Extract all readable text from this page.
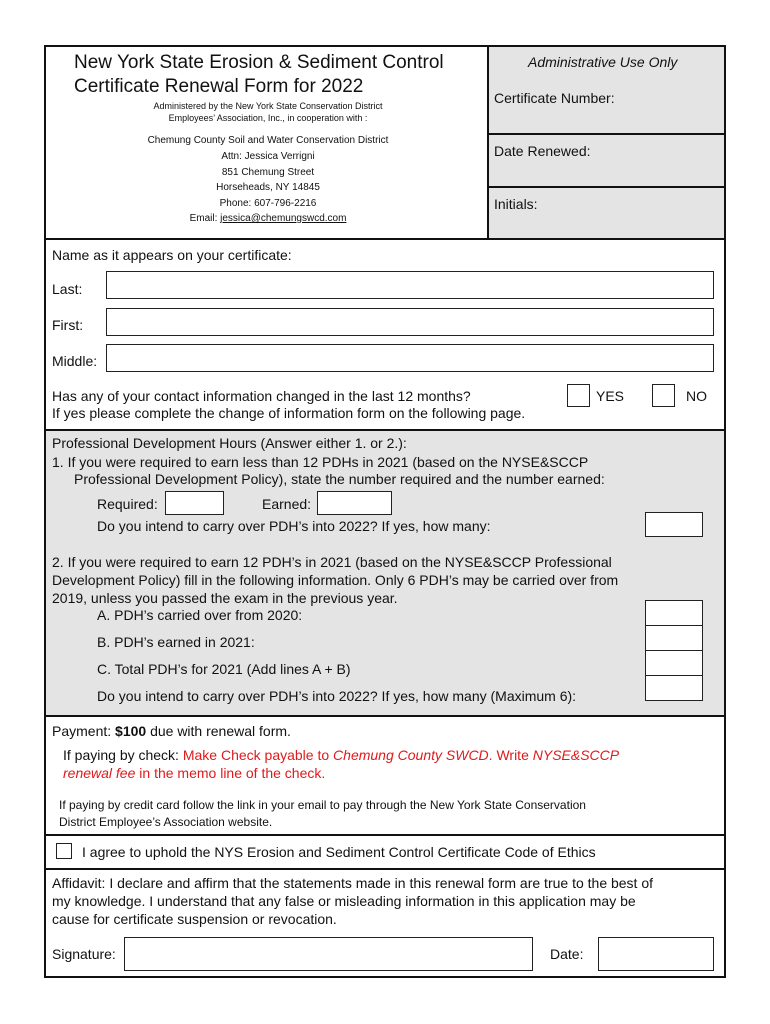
New York State Erosion & Sediment Control
Certificate Renewal Form for 2022
Administered by the New York State Conservation District
Employees’ Association, Inc., in cooperation with :
Chemung County Soil and Water Conservation District
Attn: Jessica Verrigni
851 Chemung Street
Horseheads, NY 14845
Phone: 607-796-2216
Email: jessica@chemungswcd.com
Administrative Use Only
Certificate Number:
Date Renewed:
Initials:
Name as it appears on your certificate:
Last:
First:
Middle:
Has any of your contact information changed in the last 12 months?
If yes please complete the change of information form on the following page.
YES	NO
Professional Development Hours (Answer either 1. or 2.):
1. If you were required to earn less than 12 PDHs in 2021 (based on the NYSE&SCCP
Professional Development Policy), state the number required and the number earned:
Required:	Earned:
Do you intend to carry over PDH’s into 2022? If yes, how many:
2. If you were required to earn 12 PDH’s in 2021 (based on the NYSE&SCCP Professional
Development Policy) fill in the following information. Only 6 PDH’s may be carried over from
2019, unless you passed the exam in the previous year.
A. PDH’s carried over from 2020:
B. PDH’s earned in 2021:
C. Total PDH’s for 2021 (Add lines A + B)
Do you intend to carry over PDH’s into 2022? If yes, how many (Maximum 6):
Payment: $100 due with renewal form.
If paying by check: Make Check payable to Chemung County SWCD. Write NYSE&SCCP
renewal fee in the memo line of the check.
If paying by credit card follow the link in your email to pay through the New York State Conservation
District Employee’s Association website.
I agree to uphold the NYS Erosion and Sediment Control Certificate Code of Ethics
Affidavit: I declare and affirm that the statements made in this renewal form are true to the best of
my knowledge. I understand that any false or misleading information in this application may be
cause for certificate suspension or revocation.
Signature:	Date:
